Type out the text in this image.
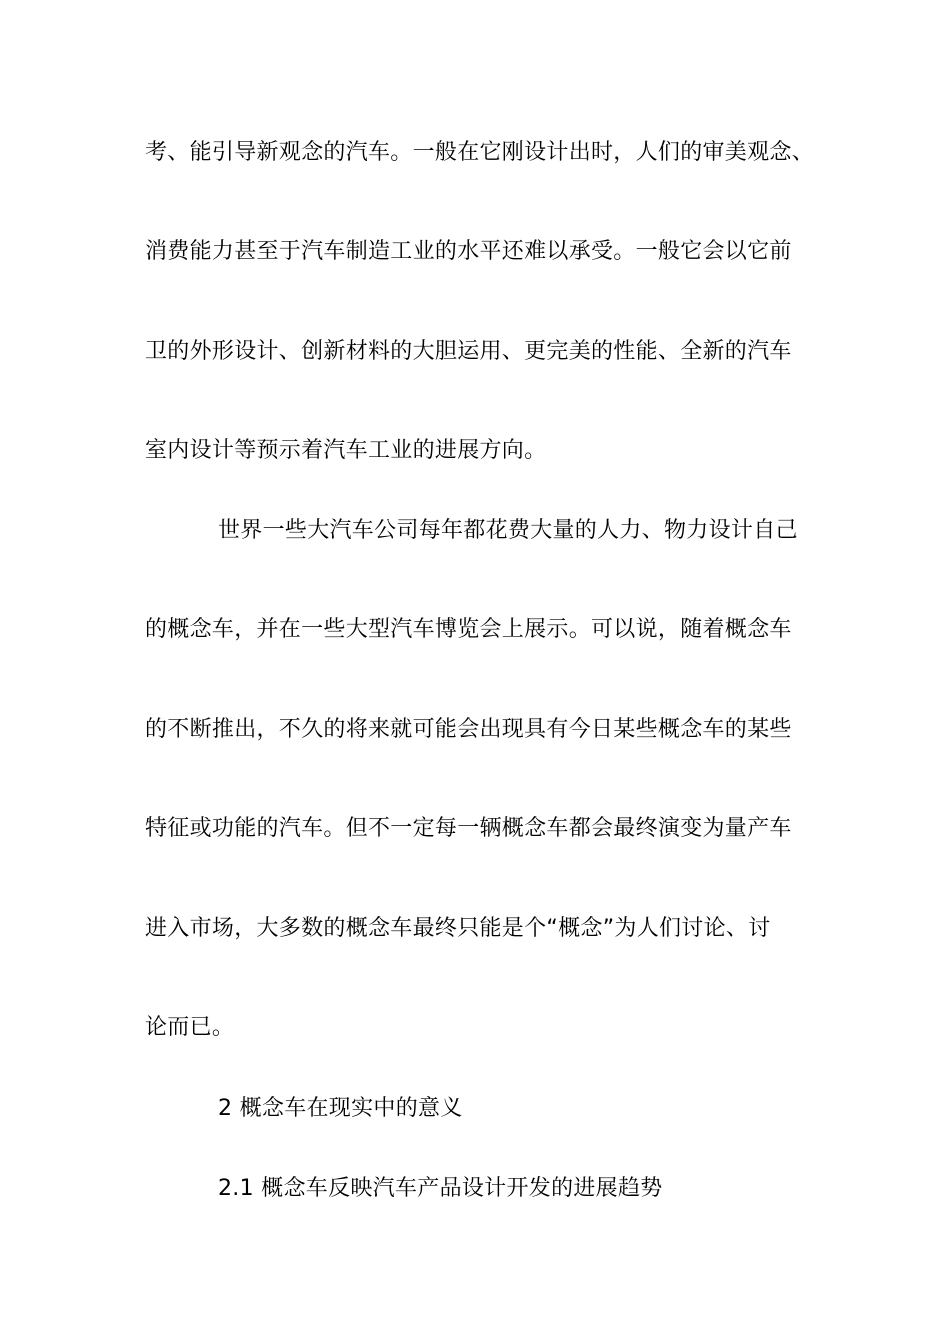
考、能引导新观念的汽车。一般在它刚设计出时，人们的审美观念、
消费能力甚至于汽车制造工业的水平还难以承受。一般它会以它前
卫的外形设计、创新材料的大胆运用、更完美的性能、全新的汽车
室内设计等预示着汽车工业的进展方向。
世界一些大汽车公司每年都花费大量的人力、物力设计自己
的概念车，并在一些大型汽车博览会上展示。可以说，随着概念车
的不断推出，不久的将来就可能会出现具有今日某些概念车的某些
特征或功能的汽车。但不一定每一辆概念车都会最终演变为量产车
进入市场，大多数的概念车最终只能是个“概念”为人们讨论、讨
论而已。
2 概念车在现实中的意义
2.1 概念车反映汽车产品设计开发的进展趋势
